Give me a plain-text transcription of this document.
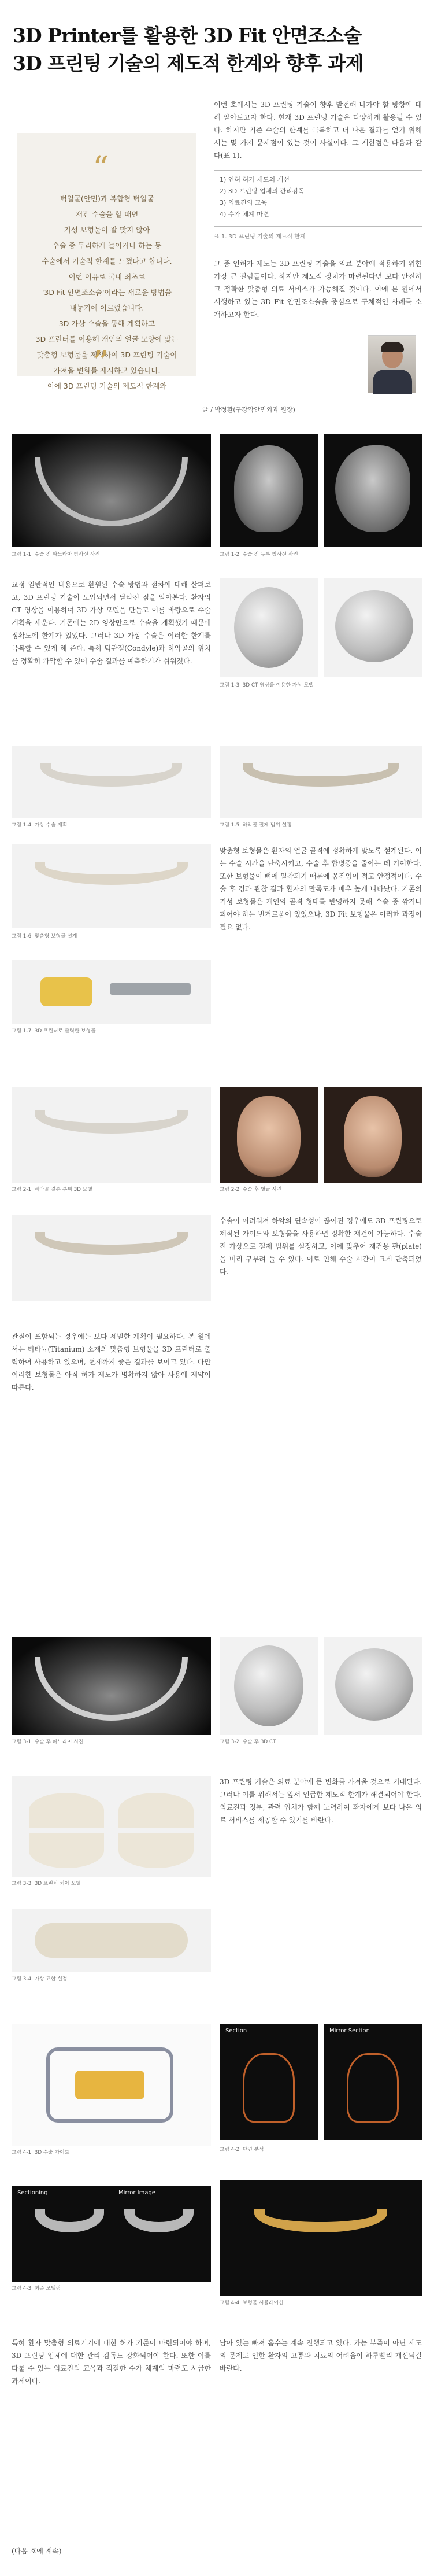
3D Printer를 활용한 3D Fit 안면조소술
3D 프린팅 기술의 제도적 한계와 향후 과제
“
턱얼굴(안면)과 복합형 턱얼굴
재건 수술을 할 때면
기성 보형물이 잘 맞지 않아
수술 중 무리하게 늘이거나 하는 등
수술에서 기술적 한계를 느꼈다고 합니다.
이런 이유로 국내 최초로
'3D Fit 안면조소술'이라는 새로운 방법을
내놓기에 이르렀습니다.
3D 가상 수술을 통해 계획하고
3D 프린터를 이용해 개인의 얼굴 모양에 맞는
맞춤형 보형물을 제작하여 3D 프린팅 기술이
가져올 변화를 제시하고 있습니다.
이에 3D 프린팅 기술의 제도적 한계와
”

이번 호에서는 3D 프린팅 기술이 향후 발전해 나가야 할 방향에 대해 알아보고자 한다. 현재 3D 프린팅 기술은 다양하게 활용될 수 있다. 하지만 기존 수술의 한계를 극복하고 더 나은 결과를 얻기 위해서는 몇 가지 문제점이 있는 것이 사실이다. 그 제한점은 다음과 같다(표 1).

1) 인허 허가 제도의 개선
2) 3D 프린팅 업체의 관리감독
3) 의료진의 교육
4) 수가 체계 마련
표 1. 3D 프린팅 기술의 제도적 한계

그 중 인허가 제도는 3D 프린팅 기술을 의료 분야에 적용하기 위한 가장 큰 걸림돌이다. 하지만 제도적 장치가 마련된다면 보다 안전하고 정확한 맞춤형 의료 서비스가 가능해질 것이다. 이에 본 원에서 시행하고 있는 3D Fit 안면조소술을 중심으로 구체적인 사례를 소개하고자 한다.

글 / 박정환(구강악안면외과 원장)
그림 1-1. 수술 전 파노라마 방사선 사진	그림 1-2. 수술 전 두부 방사선 사진
그림 1-3. 3D CT 영상을 이용한 가상 모델
교정 일반적인 내용으로 환원된 수술 방법과 절차에 대해 살펴보고, 3D 프린팅 기술이 도입되면서 달라진 점을 알아본다. 환자의 CT 영상을 이용하여 3D 가상 모델을 만들고 이를 바탕으로 수술 계획을 세운다. 기존에는 2D 영상만으로 수술을 계획했기 때문에 정확도에 한계가 있었다. 그러나 3D 가상 수술은 이러한 한계를 극복할 수 있게 해 준다. 특히 턱관절(Condyle)과 하악골의 위치를 정확히 파악할 수 있어 수술 결과를 예측하기가 쉬워졌다.
그림 1-4. 가상 수술 계획	그림 1-5. 하악골 절제 범위 설정
그림 1-6. 맞춤형 보형물 설계
그림 1-7. 3D 프린터로 출력한 보형물
맞춤형 보형물은 환자의 얼굴 골격에 정확하게 맞도록 설계된다. 이는 수술 시간을 단축시키고, 수술 후 합병증을 줄이는 데 기여한다. 또한 보형물이 뼈에 밀착되기 때문에 움직임이 적고 안정적이다. 수술 후 경과 관찰 결과 환자의 만족도가 매우 높게 나타났다. 기존의 기성 보형물은 개인의 골격 형태를 반영하지 못해 수술 중 깎거나 휘어야 하는 번거로움이 있었으나, 3D Fit 보형물은 이러한 과정이 필요 없다.
그림 2-1. 하악골 결손 부위 3D 모델	그림 2-2. 수술 후 얼굴 사진
수술이 어려워져 하악의 연속성이 끊어진 경우에도 3D 프린팅으로 제작된 가이드와 보형물을 사용하면 정확한 재건이 가능하다. 수술 전 가상으로 절제 범위를 설정하고, 이에 맞추어 재건용 판(plate)을 미리 구부려 둘 수 있다. 이로 인해 수술 시간이 크게 단축되었다.
관절이 포함되는 경우에는 보다 세밀한 계획이 필요하다. 본 원에서는 티타늄(Titanium) 소재의 맞춤형 보형물을 3D 프린터로 출력하여 사용하고 있으며, 현재까지 좋은 결과를 보이고 있다. 다만 이러한 보형물은 아직 허가 제도가 명확하지 않아 사용에 제약이 따른다.
그림 3-1. 수술 후 파노라마 사진	그림 3-2. 수술 후 3D CT
그림 3-3. 3D 프린팅 치아 모델
그림 3-4. 가상 교합 설정
3D 프린팅 기술은 의료 분야에 큰 변화를 가져올 것으로 기대된다. 그러나 이를 위해서는 앞서 언급한 제도적 한계가 해결되어야 한다. 의료진과 정부, 관련 업체가 함께 노력하여 환자에게 보다 나은 의료 서비스를 제공할 수 있기를 바란다.
그림 4-1. 3D 수술 가이드
Section	Mirror Section
그림 4-2. 단면 분석
Sectioning	Mirror Image
그림 4-3. 최종 모델링
그림 4-4. 보형물 시뮬레이션
특히 환자 맞춤형 의료기기에 대한 허가 기준이 마련되어야 하며, 3D 프린팅 업체에 대한 관리 감독도 강화되어야 한다. 또한 이를 다룰 수 있는 의료진의 교육과 적절한 수가 체계의 마련도 시급한 과제이다.
남아 있는 빠져 흡수는 계속 진행되고 있다. 가능 부족이 아닌 제도의 문제로 인한 환자의 고통과 치료의 어려움이 하루빨리 개선되길 바란다.
(다음 호에 계속)
